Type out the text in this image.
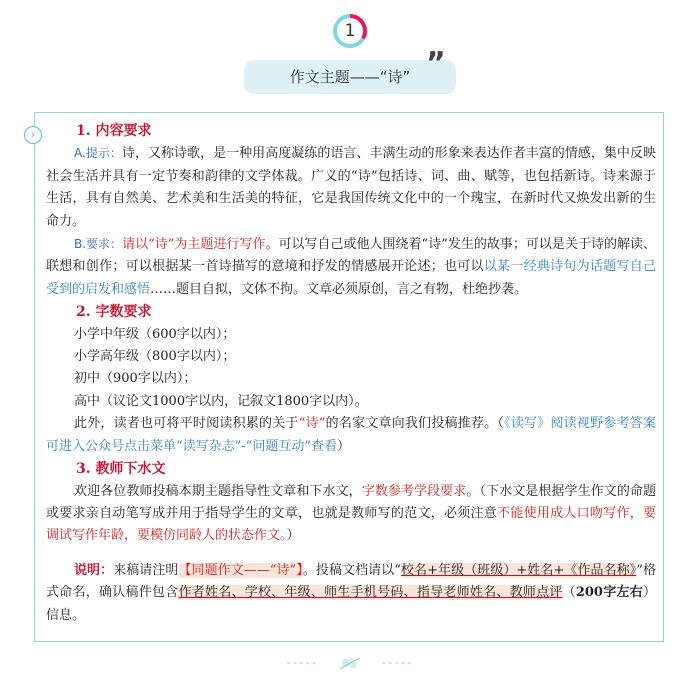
1
作文主题——“诗” ”
›	1. 内容要求

A.提示：诗，又称诗歌，是一种用高度凝练的语言、丰满生动的形象来表达作者丰富的情感，集中反映社会生活并具有一定节奏和韵律的文学体裁。广义的“诗”包括诗、词、曲、赋等，也包括新诗。诗来源于生活，具有自然美、艺术美和生活美的特征，它是我国传统文化中的一个瑰宝，在新时代又焕发出新的生命力。

B.要求：请以“诗”为主题进行写作。可以写自己或他人围绕着“诗”发生的故事；可以是关于诗的解读、联想和创作；可以根据某一首诗描写的意境和抒发的情感展开论述；也可以以某一经典诗句为话题写自己受到的启发和感悟……题目自拟，文体不拘。文章必须原创，言之有物，杜绝抄袭。

2. 字数要求

小学中年级（600字以内）；

小学高年级（800字以内）；

初中（900字以内）；

高中（议论文1000字以内，记叙文1800字以内）。

此外，读者也可将平时阅读积累的关于“诗”的名家文章向我们投稿推荐。（《读写》阅读视野参考答案可进入公众号点击菜单“读写杂志”-“问题互动”查看）

3. 教师下水文

欢迎各位教师投稿本期主题指导性文章和下水文，字数参考学段要求。（下水文是根据学生作文的命题或要求亲自动笔写成并用于指导学生的文章，也就是教师写的范文，必须注意不能使用成人口吻写作，要调试写作年龄，要模仿同龄人的状态作文。）

说明：来稿请注明【同题作文——“诗”】。投稿文档请以“校名+年级（班级）+姓名+《作品名称》”格式命名，确认稿件包含作者姓名、学校、年级、师生手机号码、指导老师姓名、教师点评（200字左右）信息。

-----	-----
